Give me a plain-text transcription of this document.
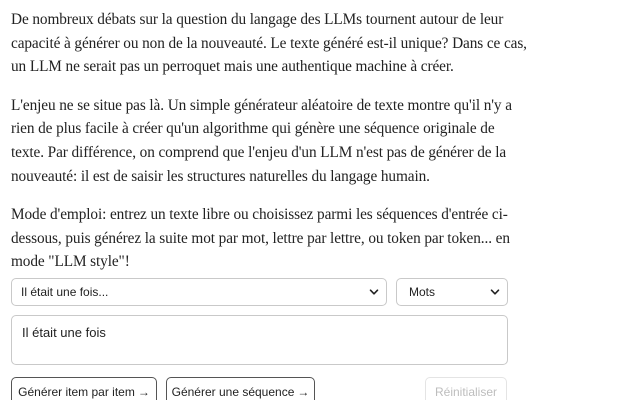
De nombreux débats sur la question du langage des LLMs tournent autour de leur capacité à générer ou non de la nouveauté. Le texte généré est-il unique? Dans ce cas, un LLM ne serait pas un perroquet mais une authentique machine à créer.

L'enjeu ne se situe pas là. Un simple générateur aléatoire de texte montre qu'il n'y a rien de plus facile à créer qu'un algorithme qui génère une séquence originale de texte. Par différence, on comprend que l'enjeu d'un LLM n'est pas de générer de la nouveauté: il est de saisir les structures naturelles du langage humain.

Mode d'emploi: entrez un texte libre ou choisissez parmi les séquences d'entrée ci-dessous, puis générez la suite mot par mot, lettre par lettre, ou token par token... en mode "LLM style"!

Il était une fois...	Mots
Il était une fois
Générer item par item → Générer une séquence →	Réinitialiser
